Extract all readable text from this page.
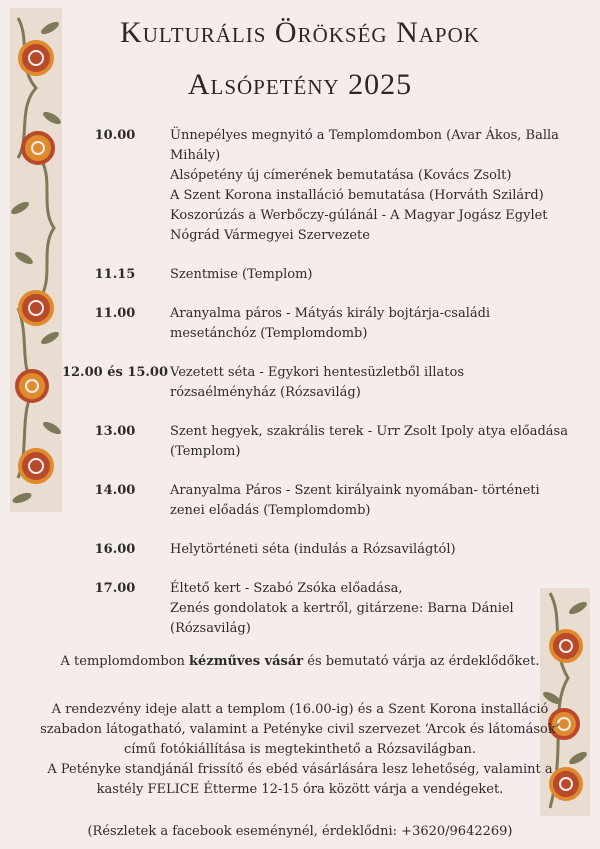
Kulturális Örökség Napok
Alsópetény 2025
10.00	Ünnepélyes megnyitó a Templomdombon (Avar Ákos, Balla
Mihály)
Alsópetény új címerének bemutatása (Kovács Zsolt)
A Szent Korona installáció bemutatása (Horváth Szilárd)
Koszorúzás a Werbőczy-gúlánál - A Magyar Jogász Egylet
Nógrád Vármegyei Szervezete
11.15	Szentmise (Templom)
11.00	Aranyalma páros - Mátyás király bojtárja-családi
mesetánchóz (Templomdomb)
12.00 és 15.00 Vezetett séta - Egykori hentesüzletből illatos
rózsaélményház (Rózsavilág)
13.00	Szent hegyek, szakrális terek - Urr Zsolt Ipoly atya előadása
(Templom)
14.00	Aranyalma Páros - Szent királyaink nyomában- történeti
zenei előadás (Templomdomb)
16.00	Helytörténeti séta (indulás a Rózsavilágtól)
17.00	Éltető kert - Szabó Zsóka előadása,
Zenés gondolatok a kertről, gitárzene: Barna Dániel
(Rózsavilág)
A templomdombon kézműves vásár és bemutató várja az érdeklődőket.
A rendezvény ideje alatt a templom (16.00-ig) és a Szent Korona installáció
szabadon látogatható, valamint a Petényke civil szervezet ‘Arcok és látomások’
című fotókiállítása is megtekinthető a Rózsavilágban.
A Petényke standjánál frissítő és ebéd vásárlására lesz lehetőség, valamint a
kastély FELICE Étterme 12-15 óra között várja a vendégeket.
(Részletek a facebook eseménynél, érdeklődni: +3620/9642269)
